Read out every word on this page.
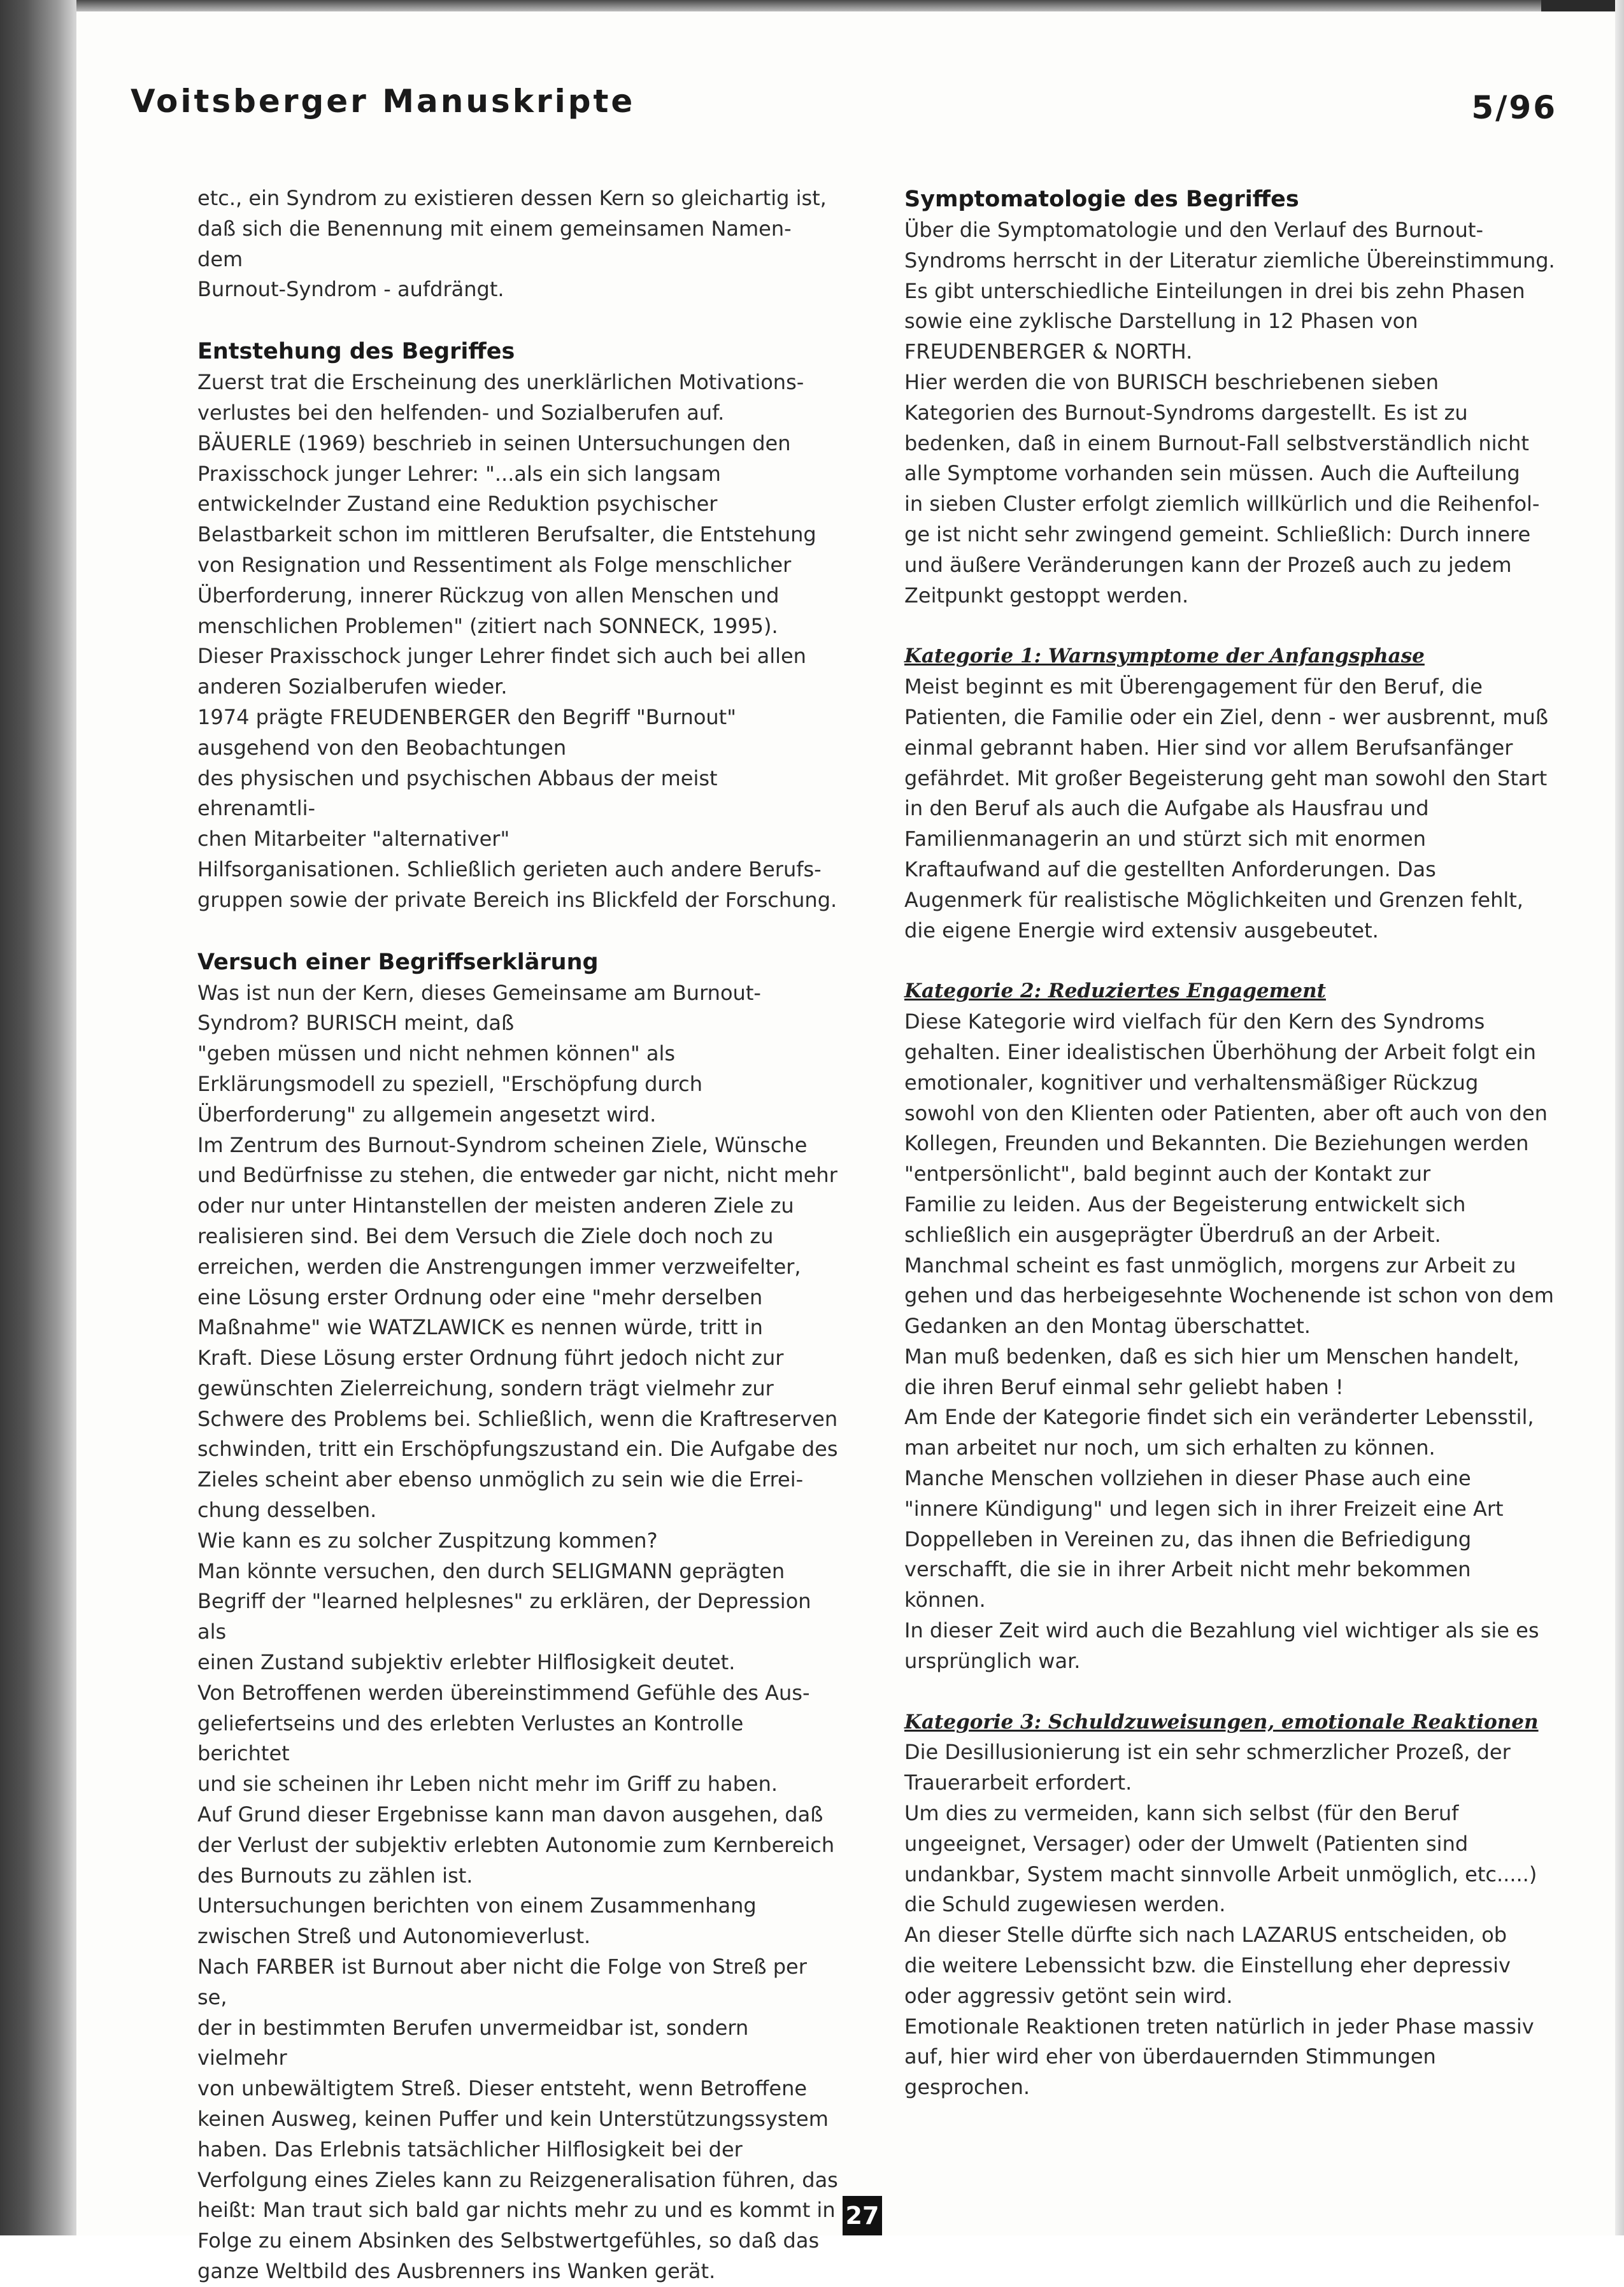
Voitsberger Manuskripte	5/96

etc., ein Syndrom zu existieren dessen Kern so gleichartig ist,
daß sich die Benennung mit einem gemeinsamen Namen- dem
Burnout-Syndrom - aufdrängt.

Entstehung des Begriffes

Zuerst trat die Erscheinung des unerklärlichen Motivations-
verlustes bei den helfenden- und Sozialberufen auf.
BÄUERLE (1969) beschrieb in seinen Untersuchungen den
Praxisschock junger Lehrer: "...als ein sich langsam
entwickelnder Zustand eine Reduktion psychischer
Belastbarkeit schon im mittleren Berufsalter, die Entstehung
von Resignation und Ressentiment als Folge menschlicher
Überforderung, innerer Rückzug von allen Menschen und
menschlichen Problemen" (zitiert nach SONNECK, 1995).
Dieser Praxisschock junger Lehrer findet sich auch bei allen
anderen Sozialberufen wieder.
1974 prägte FREUDENBERGER den Begriff "Burnout"
ausgehend von den Beobachtungen
des physischen und psychischen Abbaus der meist ehrenamtli-
chen Mitarbeiter "alternativer"
Hilfsorganisationen. Schließlich gerieten auch andere Berufs-
gruppen sowie der private Bereich ins Blickfeld der Forschung.

Versuch einer Begriffserklärung

Was ist nun der Kern, dieses Gemeinsame am Burnout-
Syndrom? BURISCH meint, daß
"geben müssen und nicht nehmen können" als
Erklärungsmodell zu speziell, "Erschöpfung durch
Überforderung" zu allgemein angesetzt wird.
Im Zentrum des Burnout-Syndrom scheinen Ziele, Wünsche
und Bedürfnisse zu stehen, die entweder gar nicht, nicht mehr
oder nur unter Hintanstellen der meisten anderen Ziele zu
realisieren sind. Bei dem Versuch die Ziele doch noch zu
erreichen, werden die Anstrengungen immer verzweifelter,
eine Lösung erster Ordnung oder eine "mehr derselben
Maßnahme" wie WATZLAWICK es nennen würde, tritt in
Kraft. Diese Lösung erster Ordnung führt jedoch nicht zur
gewünschten Zielerreichung, sondern trägt vielmehr zur
Schwere des Problems bei. Schließlich, wenn die Kraftreserven
schwinden, tritt ein Erschöpfungszustand ein. Die Aufgabe des
Zieles scheint aber ebenso unmöglich zu sein wie die Errei-
chung desselben.
Wie kann es zu solcher Zuspitzung kommen?
Man könnte versuchen, den durch SELIGMANN geprägten
Begriff der "learned helplesnes" zu erklären, der Depression als
einen Zustand subjektiv erlebter Hilflosigkeit deutet.
Von Betroffenen werden übereinstimmend Gefühle des Aus-
geliefertseins und des erlebten Verlustes an Kontrolle berichtet
und sie scheinen ihr Leben nicht mehr im Griff zu haben.
Auf Grund dieser Ergebnisse kann man davon ausgehen, daß
der Verlust der subjektiv erlebten Autonomie zum Kernbereich
des Burnouts zu zählen ist.
Untersuchungen berichten von einem Zusammenhang
zwischen Streß und Autonomieverlust.
Nach FARBER ist Burnout aber nicht die Folge von Streß per se,
der in bestimmten Berufen unvermeidbar ist, sondern vielmehr
von unbewältigtem Streß. Dieser entsteht, wenn Betroffene
keinen Ausweg, keinen Puffer und kein Unterstützungssystem
haben. Das Erlebnis tatsächlicher Hilflosigkeit bei der
Verfolgung eines Zieles kann zu Reizgeneralisation führen, das
heißt: Man traut sich bald gar nichts mehr zu und es kommt in
Folge zu einem Absinken des Selbstwertgefühles, so daß das
ganze Weltbild des Ausbrenners ins Wanken gerät.

Symptomatologie des Begriffes

Über die Symptomatologie und den Verlauf des Burnout-
Syndroms herrscht in der Literatur ziemliche Übereinstimmung.
Es gibt unterschiedliche Einteilungen in drei bis zehn Phasen
sowie eine zyklische Darstellung in 12 Phasen von
FREUDENBERGER & NORTH.
Hier werden die von BURISCH beschriebenen sieben
Kategorien des Burnout-Syndroms dargestellt. Es ist zu
bedenken, daß in einem Burnout-Fall selbstverständlich nicht
alle Symptome vorhanden sein müssen. Auch die Aufteilung
in sieben Cluster erfolgt ziemlich willkürlich und die Reihenfol-
ge ist nicht sehr zwingend gemeint. Schließlich: Durch innere
und äußere Veränderungen kann der Prozeß auch zu jedem
Zeitpunkt gestoppt werden.

Kategorie 1: Warnsymptome der Anfangsphase

Meist beginnt es mit Überengagement für den Beruf, die
Patienten, die Familie oder ein Ziel, denn - wer ausbrennt, muß
einmal gebrannt haben. Hier sind vor allem Berufsanfänger
gefährdet. Mit großer Begeisterung geht man sowohl den Start
in den Beruf als auch die Aufgabe als Hausfrau und
Familienmanagerin an und stürzt sich mit enormen
Kraftaufwand auf die gestellten Anforderungen. Das
Augenmerk für realistische Möglichkeiten und Grenzen fehlt,
die eigene Energie wird extensiv ausgebeutet.

Kategorie 2: Reduziertes Engagement

Diese Kategorie wird vielfach für den Kern des Syndroms
gehalten. Einer idealistischen Überhöhung der Arbeit folgt ein
emotionaler, kognitiver und verhaltensmäßiger Rückzug
sowohl von den Klienten oder Patienten, aber oft auch von den
Kollegen, Freunden und Bekannten. Die Beziehungen werden
"entpersönlicht", bald beginnt auch der Kontakt zur
Familie zu leiden. Aus der Begeisterung entwickelt sich
schließlich ein ausgeprägter Überdruß an der Arbeit.
Manchmal scheint es fast unmöglich, morgens zur Arbeit zu
gehen und das herbeigesehnte Wochenende ist schon von dem
Gedanken an den Montag überschattet.
Man muß bedenken, daß es sich hier um Menschen handelt,
die ihren Beruf einmal sehr geliebt haben !
Am Ende der Kategorie findet sich ein veränderter Lebensstil,
man arbeitet nur noch, um sich erhalten zu können.
Manche Menschen vollziehen in dieser Phase auch eine
"innere Kündigung" und legen sich in ihrer Freizeit eine Art
Doppelleben in Vereinen zu, das ihnen die Befriedigung
verschafft, die sie in ihrer Arbeit nicht mehr bekommen
können.
In dieser Zeit wird auch die Bezahlung viel wichtiger als sie es
ursprünglich war.

Kategorie 3: Schuldzuweisungen, emotionale Reaktionen

Die Desillusionierung ist ein sehr schmerzlicher Prozeß, der
Trauerarbeit erfordert.
Um dies zu vermeiden, kann sich selbst (für den Beruf
ungeeignet, Versager) oder der Umwelt (Patienten sind
undankbar, System macht sinnvolle Arbeit unmöglich, etc.....)
die Schuld zugewiesen werden.
An dieser Stelle dürfte sich nach LAZARUS entscheiden, ob
die weitere Lebenssicht bzw. die Einstellung eher depressiv
oder aggressiv getönt sein wird.
Emotionale Reaktionen treten natürlich in jeder Phase massiv
auf, hier wird eher von überdauernden Stimmungen
gesprochen.

27
